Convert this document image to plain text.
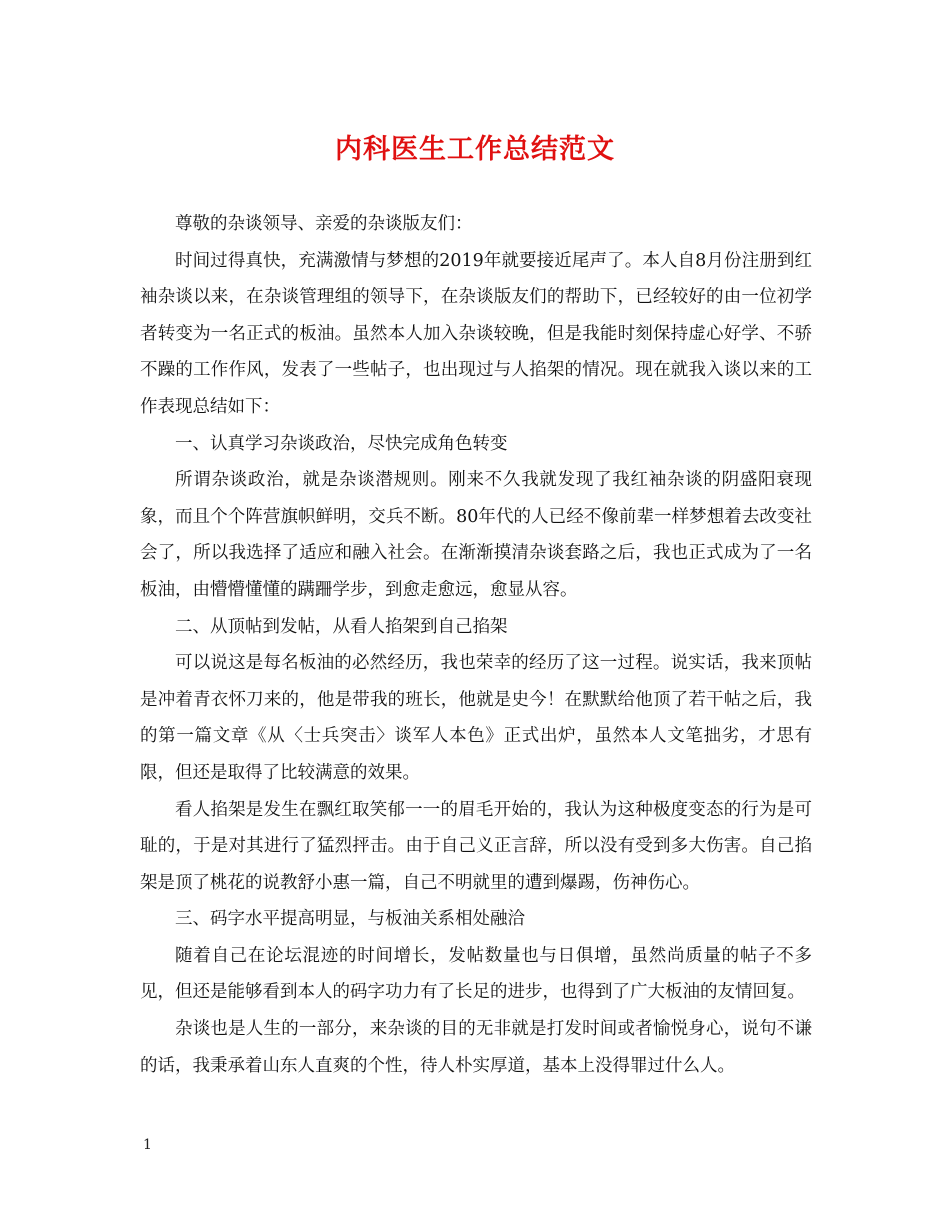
内科医生工作总结范文

尊敬的杂谈领导、亲爱的杂谈版友们：

时间过得真快，充满激情与梦想的2019年就要接近尾声了。本人自8月份注册到红袖杂谈以来，在杂谈管理组的领导下，在杂谈版友们的帮助下，已经较好的由一位初学者转变为一名正式的板油。虽然本人加入杂谈较晚，但是我能时刻保持虚心好学、不骄不躁的工作作风，发表了一些帖子，也出现过与人掐架的情况。现在就我入谈以来的工作表现总结如下：

一、认真学习杂谈政治，尽快完成角色转变

所谓杂谈政治，就是杂谈潜规则。刚来不久我就发现了我红袖杂谈的阴盛阳衰现象，而且个个阵营旗帜鲜明，交兵不断。80年代的人已经不像前辈一样梦想着去改变社会了，所以我选择了适应和融入社会。在渐渐摸清杂谈套路之后，我也正式成为了一名板油，由懵懵懂懂的蹒跚学步，到愈走愈远，愈显从容。

二、从顶帖到发帖，从看人掐架到自己掐架

可以说这是每名板油的必然经历，我也荣幸的经历了这一过程。说实话，我来顶帖是冲着青衣怀刀来的，他是带我的班长，他就是史今！在默默给他顶了若干帖之后，我的第一篇文章《从〈士兵突击〉谈军人本色》正式出炉，虽然本人文笔拙劣，才思有限，但还是取得了比较满意的效果。

看人掐架是发生在飘红取笑郁一一的眉毛开始的，我认为这种极度变态的行为是可耻的，于是对其进行了猛烈抨击。由于自己义正言辞，所以没有受到多大伤害。自己掐架是顶了桃花的说教舒小惠一篇，自己不明就里的遭到爆踢，伤神伤心。

三、码字水平提高明显，与板油关系相处融洽

随着自己在论坛混迹的时间增长，发帖数量也与日俱增，虽然尚质量的帖子不多见，但还是能够看到本人的码字功力有了长足的进步，也得到了广大板油的友情回复。

杂谈也是人生的一部分，来杂谈的目的无非就是打发时间或者愉悦身心，说句不谦的话，我秉承着山东人直爽的个性，待人朴实厚道，基本上没得罪过什么人。

1
